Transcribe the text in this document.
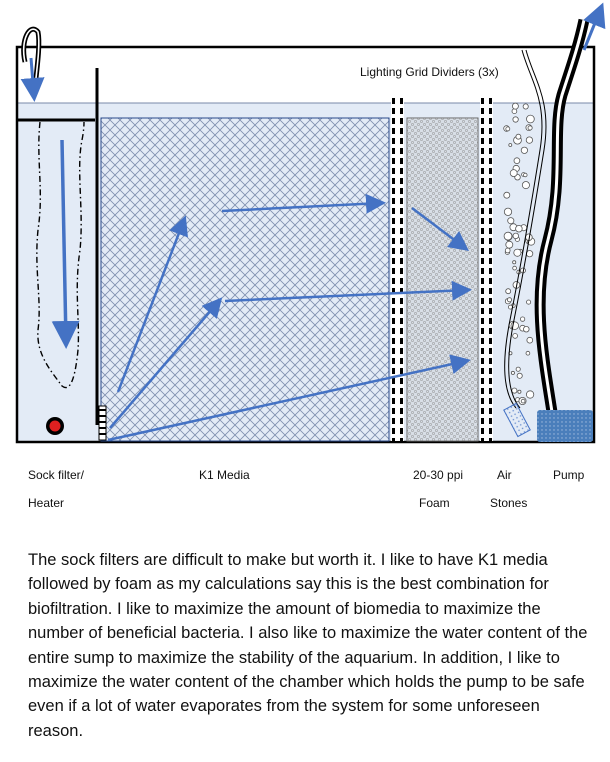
Lighting Grid Dividers (3x)
Sock filter/
Heater
K1 Media	20-30 ppi
Foam
Air
Stones
Pump

The sock filters are difficult to make but worth it. I like to have K1 media followed by foam as my calculations say this is the best combination for biofiltration. I like to maximize the amount of biomedia to maximize the number of beneficial bacteria. I also like to maximize the water content of the entire sump to maximize the stability of the aquarium. In addition, I like to maximize the water content of the chamber which holds the pump to be safe even if a lot of water evaporates from the system for some unforeseen reason.
